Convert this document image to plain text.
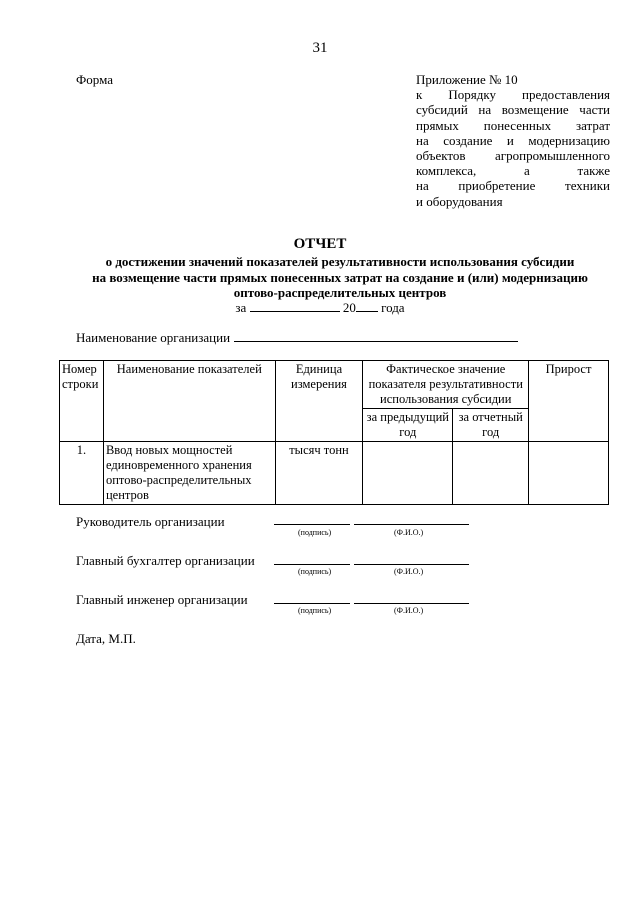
31
Форма	Приложение № 10
к Порядку предоставления
субсидий на возмещение части
прямых понесенных затрат
на создание и модернизацию
объектов агропромышленного
комплекса, а также
на приобретение техники
и оборудования
ОТЧЕТ
о достижении значений показателей результативности использования субсидии
на возмещение части прямых понесенных затрат на создание и (или) модернизацию
оптово-распределительных центров
за	20 года
Наименование организации
Номер строки	Наименование показателей	Единица измерения	Фактическое значение показателя результативности использования субсидии		Прирост
			за предыдущий год	за отчетный год	
1.	Ввод новых мощностей единовременного хранения оптово-распределительных центров	тысяч тонн			
Руководитель организации
(подпись)	(Ф.И.О.)
Главный бухгалтер организации
(подпись)	(Ф.И.О.)
Главный инженер организации
(подпись)	(Ф.И.О.)
Дата, М.П.
